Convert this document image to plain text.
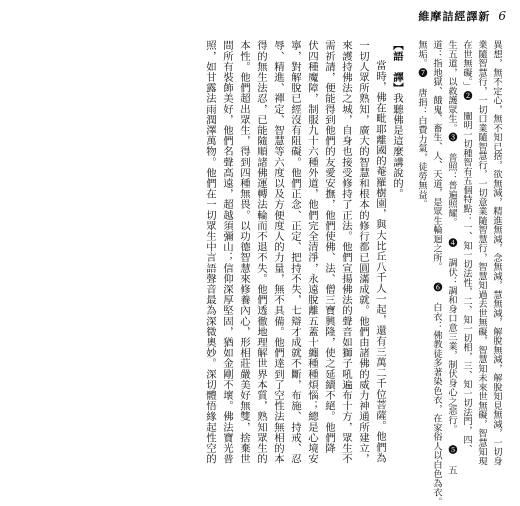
維摩詰經譯新 6
異想，無不定心，無不知已捨，欲無減，精進無減，念無減，慧無減，解脫無減，解脫知見無減，一切身
業隨智慧行，一切口業隨智慧行，一切意業隨智慧行，智慧知過去世無礙，智慧知未來世無礙，智慧知現
在世無礙。」❷ 闡明一切種智有五個特點：一、知一切法性，二、知一切相，三、知一切法門，四、
生五道，以救護眾生。❸ 普照：普遍照耀。 ❹ 調伏：調和身口意三業，制伏身心之惡行。 ❺ 五
道：指地獄、餓鬼、畜生、人、天道，是眾生輪迴之所。 ❻ 白衣：佛教徒多著染色衣，在家俗人以白色為衣。
無垢。❼ 唐捐：白費力氣，徒勞無益。
【語　譯】我聽佛是這麼講說的。
當時，佛在毗耶離國的菴羅樹園，與大比丘八千人一起，還有三萬二千位菩薩。他們為
一切人眾所熟知，廣大的智慧和根本的修行都已圓滿成就。他們由諸佛的威力神通所建立，
來護持佛法之城，自身也接受修持了正法。他們宣揚佛法的聲音如獅子吼遍布十方，眾生不
需祈請，便能得到他們的友愛安撫，他們使佛、法、僧三寶興隆，使之延續不絕。他們降
伏四種魔障，制服九十六種外道，他們完全清淨，永遠脫離五蓋十纏種種煩惱；總是心境安
寧，對解脫已經沒有阻礙。他們正念、正定、把持不失，七辯才成就不斷，布施、持戒、忍
辱、精進、禪定、智慧等六度以及方便度人的力量，無不具備。他們達到了空性法無相的本
得的無生法忍，已能隨順諸佛運轉法輪而不退不失。他們透徹地理解世界本質，熟知眾生的
本性。他們超出眾生，得到四種無畏。以功德智慧來修養內心，形相莊嚴美好無雙，捨棄世
間所有裝飾美好，他們名聲高遠，超越須彌山；信仰深厚堅固，猶如金剛不壞。佛法寶光普
照，如甘露法雨潤澤萬物。他們在一切眾生中言語聲音最為深微奧妙。深切體悟緣起性空的
